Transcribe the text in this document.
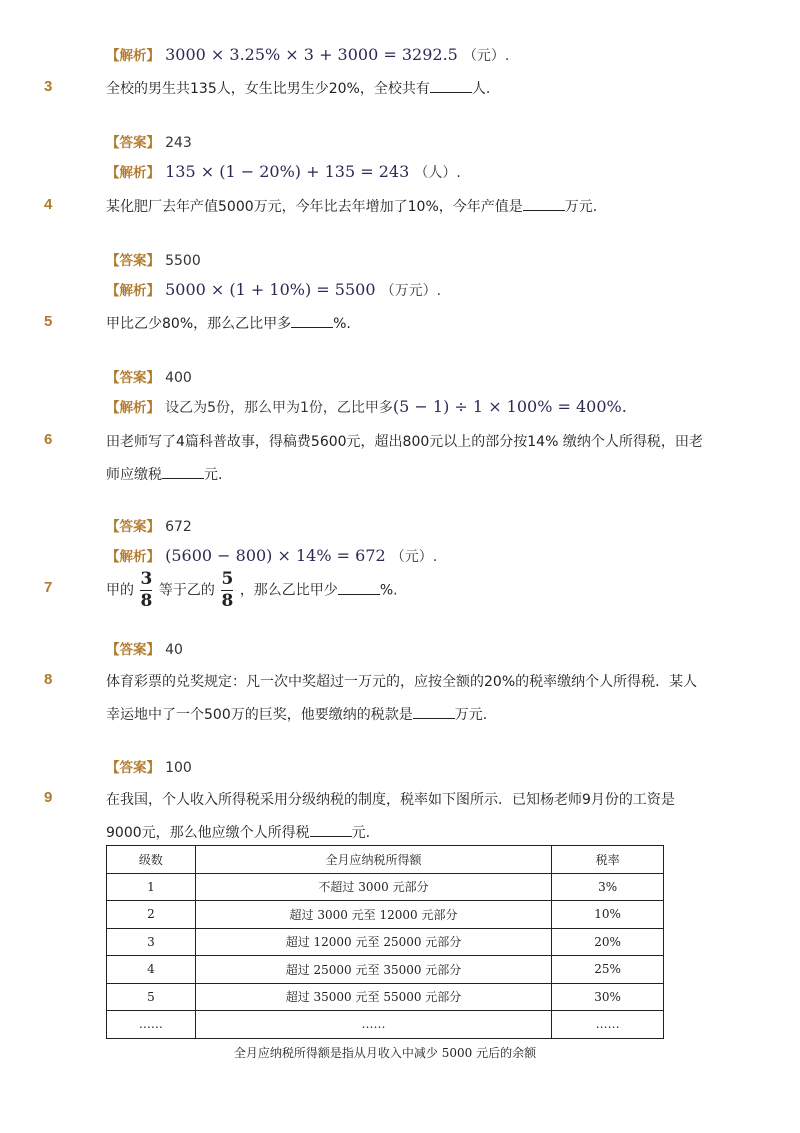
【解析】 3000 × 3.25% × 3 + 3000 = 3292.5 （元）.
3	全校的男生共135人，女生比男生少20%，全校共有	人.
【答案】 243
【解析】 135 × (1 − 20%) + 135 = 243 （人）.
4	某化肥厂去年产值5000万元，今年比去年增加了10%，今年产值是	万元.
【答案】 5500
【解析】 5000 × (1 + 10%) = 5500 （万元）.
5	甲比乙少80%，那么乙比甲多	%.
【答案】 400
【解析】 设乙为5份，那么甲为1份，乙比甲多(5 − 1) ÷ 1 × 100% = 400%.
6	田老师写了4篇科普故事，得稿费5600元，超出800元以上的部分按14% 缴纳个人所得税，田老
师应缴税	元.
【答案】 672
【解析】 (5600 − 800) × 14% = 672 （元）.
7	甲的 $\frac{3}{8}$ 等于乙的 $\frac{5}{8}$ ，那么乙比甲少	%.
【答案】 40
8	体育彩票的兑奖规定：凡一次中奖超过一万元的，应按全额的20%的税率缴纳个人所得税．某人
幸运地中了一个500万的巨奖，他要缴纳的税款是	万元.
【答案】 100
9	在我国，个人收入所得税采用分级纳税的制度，税率如下图所示．已知杨老师9月份的工资是
9000元，那么他应缴个人所得税	元.
级数	全月应纳税所得额	税率
1	不超过 3000 元部分	3%
2	超过 3000 元至 12000 元部分	10%
3	超过 12000 元至 25000 元部分	20%
4	超过 25000 元至 35000 元部分	25%
5	超过 35000 元至 55000 元部分	30%
……	……	……
全月应纳税所得额是指从月收入中减少 5000 元后的余额
